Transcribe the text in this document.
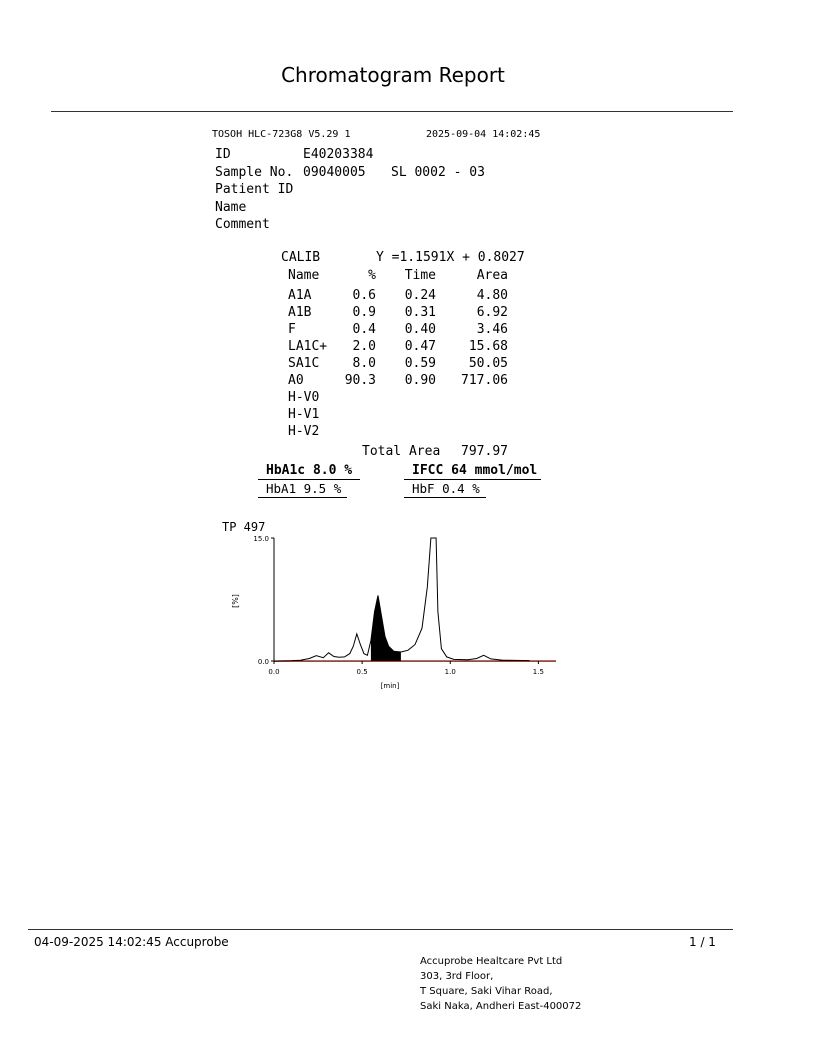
Chromatogram Report
TOSOH HLC-723G8 V5.29 1	2025-09-04 14:02:45
ID	E40203384
Sample No. 09040005 SL 0002 - 03
Patient ID
Name
Comment
CALIB	Y =1.1591X + 0.8027
Name	%	Time	Area
A1A	0.6	0.24	4.80
A1B	0.9	0.31	6.92
F	0.4	0.40	3.46
LA1C+	2.0	0.47	15.68
SA1C	8.0	0.59	50.05
A0	90.3	0.90	717.06
H-V0
H-V1
H-V2
Total Area	797.97
HbA1c 8.0 %	IFCC 64 mmol/mol
HbA1 9.5 %	HbF 0.4 %
TP 497
0.0	0.5	1.0	1.5
0.0
15.0
[%]
[min]
04-09-2025 14:02:45 Accuprobe	1 / 1
Accuprobe Healtcare Pvt Ltd
303, 3rd Floor,
T Square, Saki Vihar Road,
Saki Naka, Andheri East-400072
